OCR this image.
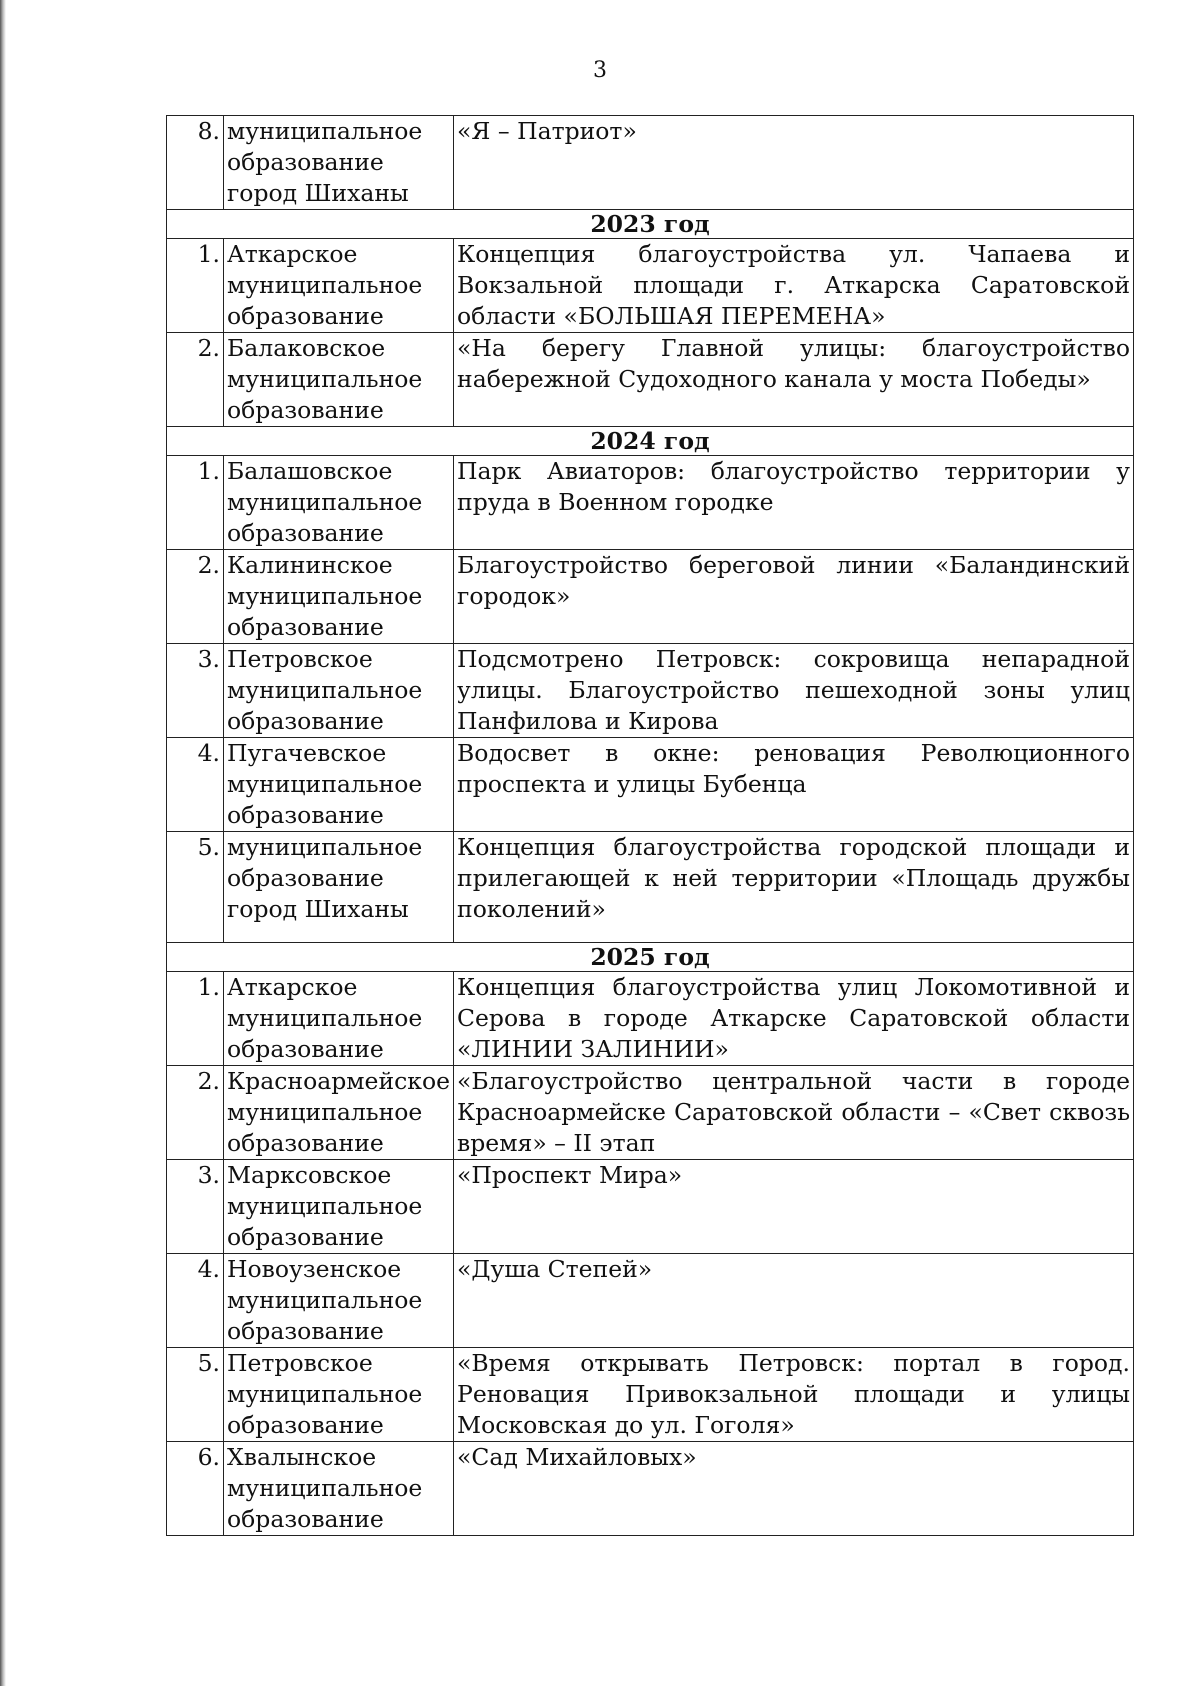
3
8.	муниципальное образование город Шиханы	«Я – Патриот»
2023 год		
1.	Аткарское муниципальное образование	Концепция благоустройства ул. Чапаева и Вокзальной площади г. Аткарска Саратовской области «БОЛЬШАЯ ПЕРЕМЕНА»
2.	Балаковское муниципальное образование	«На берегу Главной улицы: благоустройство набережной Судоходного канала у моста Победы»
2024 год		
1.	Балашовское муниципальное образование	Парк Авиаторов: благоустройство территории у пруда в Военном городке
2.	Калининское муниципальное образование	Благоустройство береговой линии «Баландинский городок»
3.	Петровское муниципальное образование	Подсмотрено Петровск: сокровища непарадной улицы. Благоустройство пешеходной зоны улиц Панфилова и Кирова
4.	Пугачевское муниципальное образование	Водосвет в окне: реновация Революционного проспекта и улицы Бубенца
5.	муниципальное образование город Шиханы	Концепция благоустройства городской площади и прилегающей к ней территории «Площадь дружбы поколений»
2025 год		
1.	Аткарское муниципальное образование	Концепция благоустройства улиц Локомотивной и Серова в городе Аткарске Саратовской области «ЛИНИИ ЗАЛИНИИ»
2.	Красноармейское муниципальное образование	«Благоустройство центральной части в городе Красноармейске Саратовской области – «Свет сквозь время» – II этап
3.	Марксовское муниципальное образование	«Проспект Мира»
4.	Новоузенское муниципальное образование	«Душа Степей»
5.	Петровское муниципальное образование	«Время открывать Петровск: портал в город. Реновация Привокзальной площади и улицы Московская до ул. Гоголя»
6.	Хвалынское муниципальное образование	«Сад Михайловых»
